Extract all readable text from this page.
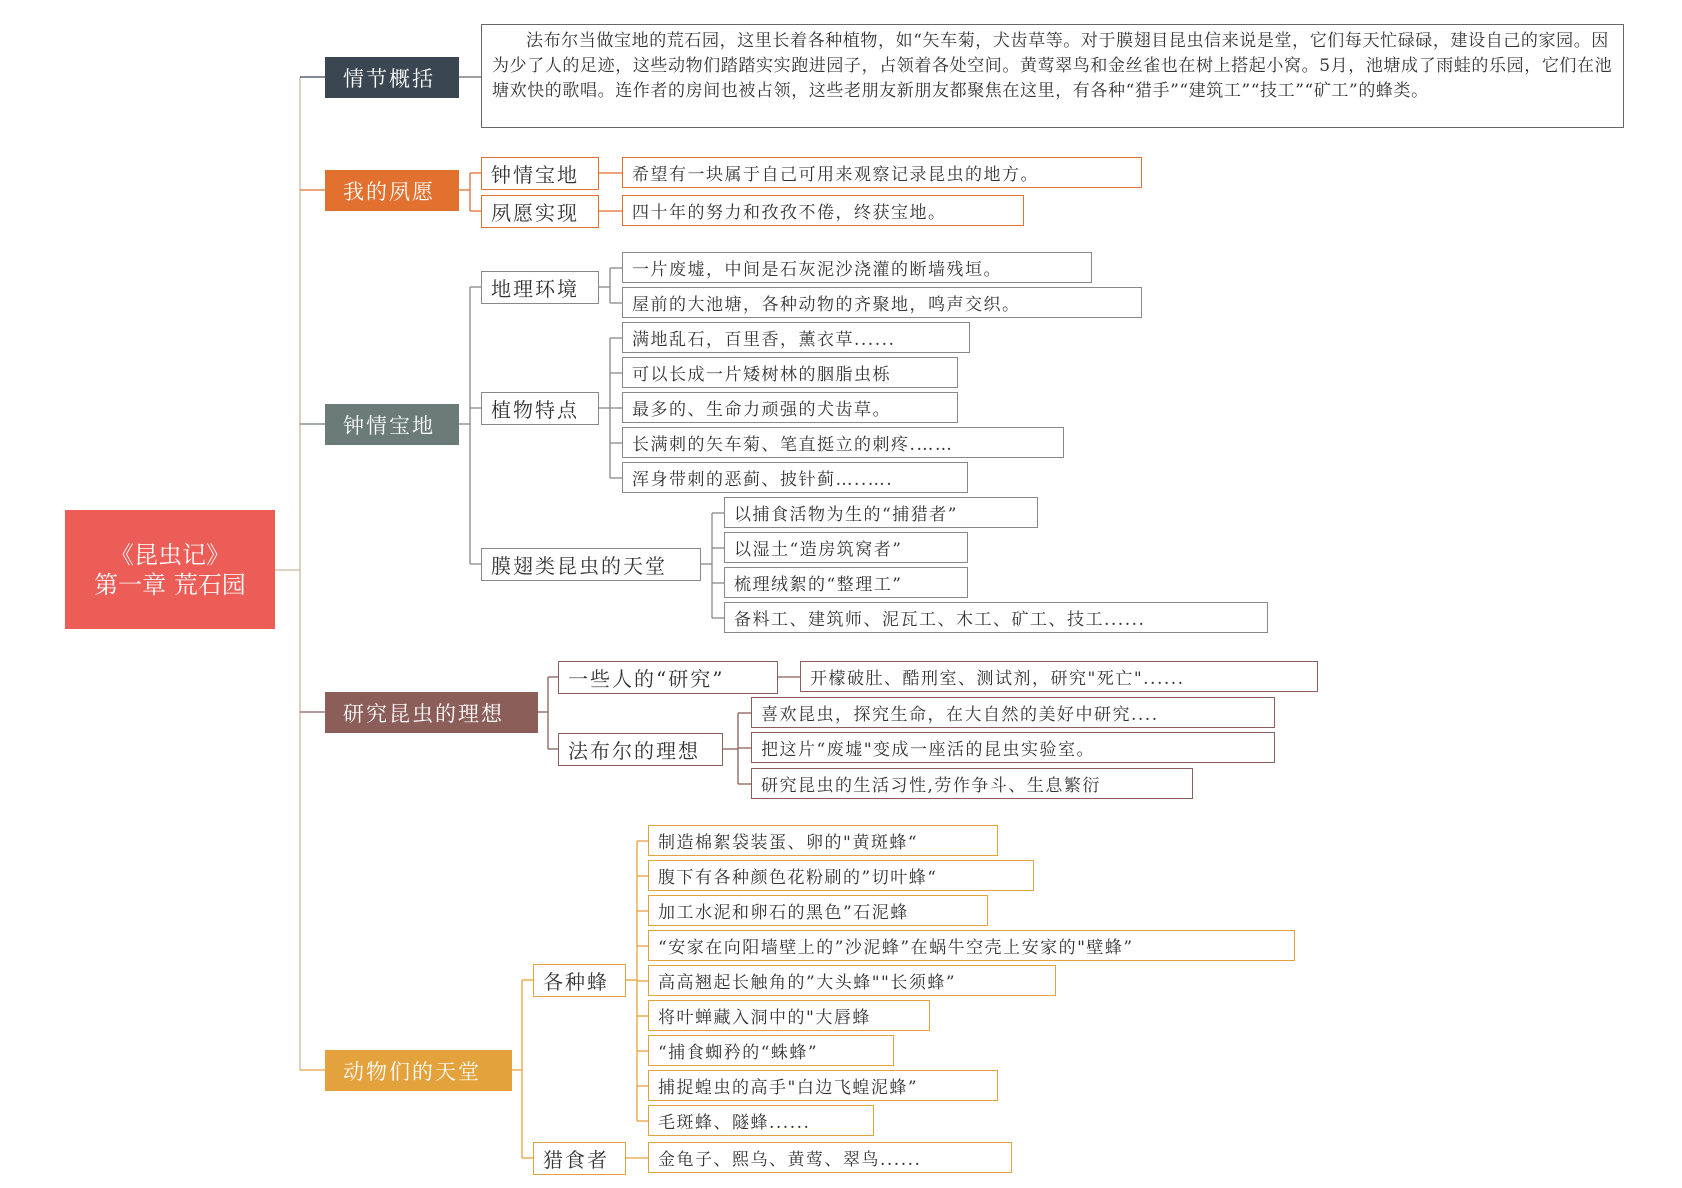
《昆虫记》
第一章 荒石园
情节概括
法布尔当做宝地的荒石园，这里长着各种植物，如“矢车菊，犬齿草等。对于膜翅目昆虫信来说是堂，它们每天忙碌碌，建设自己的家园。因为少了人的足迹，这些动物们踏踏实实跑进园子，占领着各处空间。黄莺翠鸟和金丝雀也在树上搭起小窝。5月，池塘成了雨蛙的乐园，它们在池塘欢快的歌唱。连作者的房间也被占领，这些老朋友新朋友都聚焦在这里，有各种“猎手”“建筑工”“技工”“矿工”的蜂类。
我的夙愿
钟情宝地	希望有一块属于自己可用来观察记录昆虫的地方。
夙愿实现	四十年的努力和孜孜不倦，终获宝地。
钟情宝地
地理环境
一片废墟，中间是石灰泥沙浇灌的断墙残垣。
屋前的大池塘，各种动物的齐聚地，鸣声交织。
植物特点
满地乱石，百里香，薰衣草......
可以长成一片矮树林的胭脂虫栎
最多的、生命力顽强的犬齿草。
长满刺的矢车菊、笔直挺立的刺疼.……
浑身带刺的恶蓟、披针蓟…..….
膜翅类昆虫的天堂
以捕食活物为生的“捕猎者”
以湿土“造房筑窝者”
梳理绒絮的“整理工”
备料工、建筑师、泥瓦工、木工、矿工、技工......
研究昆虫的理想
一些人的“研究”	开檬破肚、酷刑室、测试剂，研究"死亡"......
法布尔的理想
喜欢昆虫，探究生命，在大自然的美好中研究....
把这片“废墟"变成一座活的昆虫实验室。
研究昆虫的生活习性,劳作争斗、生息繁衍
动物们的天堂
各种蜂
制造棉絮袋装蛋、卵的"黄斑蜂“
腹下有各种颜色花粉刷的”切叶蜂“
加工水泥和卵石的黑色”石泥蜂
“安家在向阳墙壁上的”沙泥蜂”在蜗牛空壳上安家的"壁蜂”
高高翘起长触角的”大头蜂""长须蜂”
将叶蝉藏入洞中的"大唇蜂
“捕食蜘矜的“蛛蜂”
捕捉蝗虫的高手"白边飞蝗泥蜂”
毛斑蜂、隧蜂......
猎食者	金龟子、熙乌、黄莺、翠鸟......
